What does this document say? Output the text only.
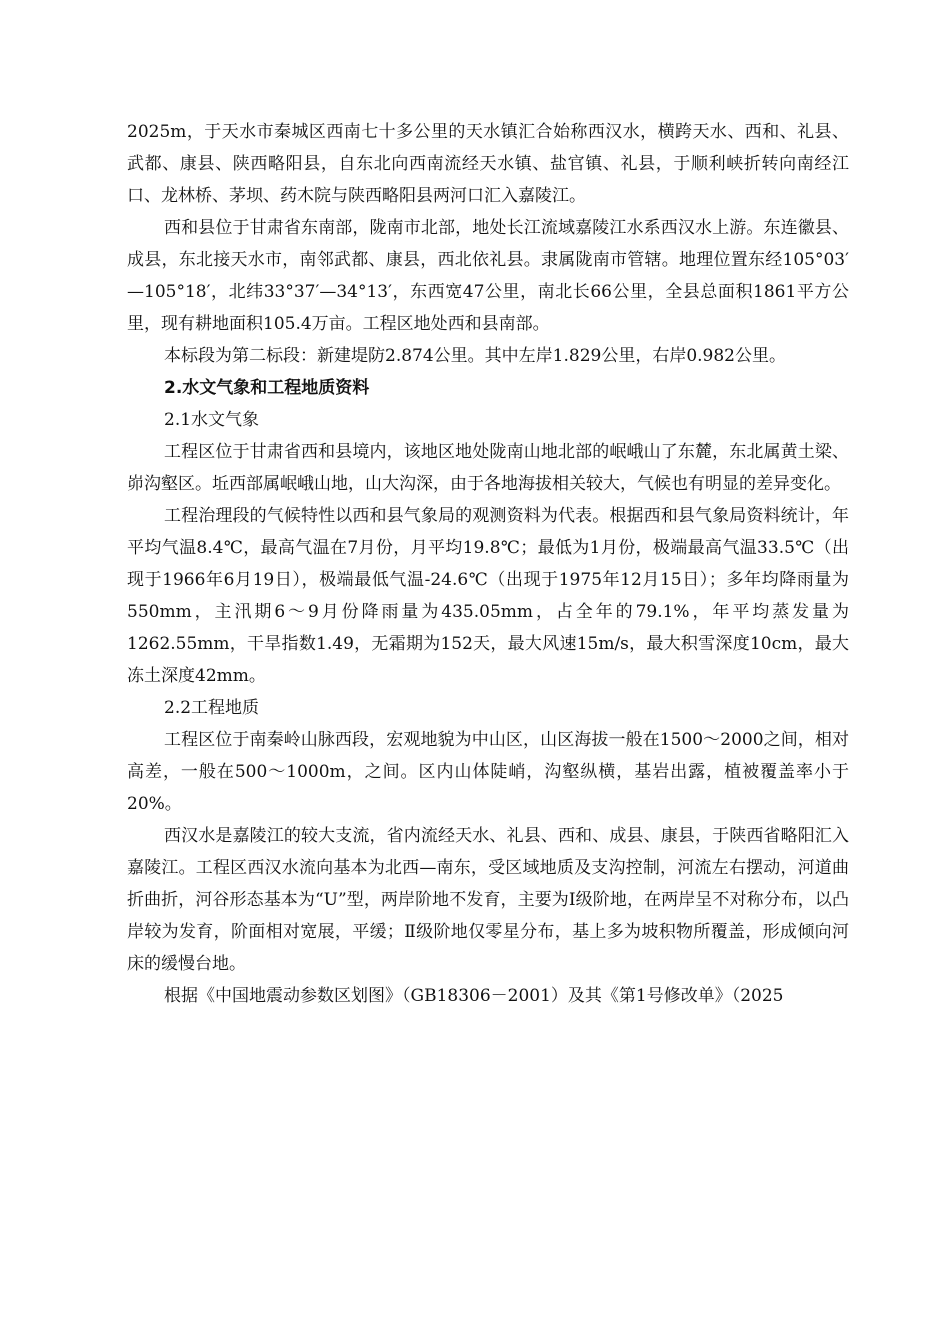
2025m，于天水市秦城区西南七十多公里的天水镇汇合始称西汉水，横跨天水、西和、礼县、武都、康县、陕西略阳县，自东北向西南流经天水镇、盐官镇、礼县，于顺利峡折转向南经江口、龙林桥、茅坝、药木院与陕西略阳县两河口汇入嘉陵江。

西和县位于甘肃省东南部，陇南市北部，地处长江流域嘉陵江水系西汉水上游。东连徽县、成县，东北接天水市，南邻武都、康县，西北依礼县。隶属陇南市管辖。地理位置东经105°03′—105°18′，北纬33°37′—34°13′，东西宽47公里，南北长66公里，全县总面积1861平方公里，现有耕地面积105.4万亩。工程区地处西和县南部。

本标段为第二标段：新建堤防2.874公里。其中左岸1.829公里，右岸0.982公里。

2.水文气象和工程地质资料

2.1水文气象

工程区位于甘肃省西和县境内，该地区地处陇南山地北部的岷峨山了东麓，东北属黄土梁、峁沟壑区。坵西部属岷峨山地，山大沟深，由于各地海拔相关较大，气候也有明显的差异变化。

工程治理段的气候特性以西和县气象局的观测资料为代表。根据西和县气象局资料统计，年平均气温8.4℃，最高气温在7月份，月平均19.8℃；最低为1月份，极端最高气温33.5℃（出现于1966年6月19日），极端最低气温-24.6℃（出现于1975年12月15日）；多年均降雨量为550mm，主汛期6～9月份降雨量为435.05mm，占全年的79.1%，年平均蒸发量为1262.55mm，干旱指数1.49，无霜期为152天，最大风速15m/s，最大积雪深度10cm，最大冻土深度42mm。

2.2工程地质

工程区位于南秦岭山脉西段，宏观地貌为中山区，山区海拔一般在1500～2000之间，相对高差，一般在500～1000m，之间。区内山体陡峭，沟壑纵横，基岩出露，植被覆盖率小于20%。

西汉水是嘉陵江的较大支流，省内流经天水、礼县、西和、成县、康县，于陕西省略阳汇入嘉陵江。工程区西汉水流向基本为北西—南东，受区域地质及支沟控制，河流左右摆动，河道曲折曲折，河谷形态基本为“U”型，两岸阶地不发育，主要为Ⅰ级阶地，在两岸呈不对称分布，以凸岸较为发育，阶面相对宽展，平缓；Ⅱ级阶地仅零星分布，基上多为坡积物所覆盖，形成倾向河床的缓慢台地。

根据《中国地震动参数区划图》（GB18306－2001）及其《第1号修改单》（2025
